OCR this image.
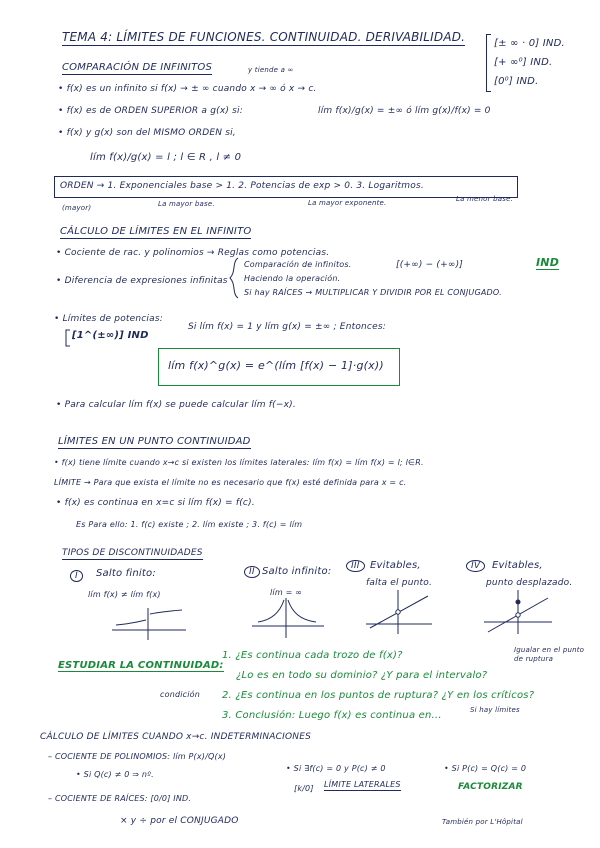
TEMA 4: LÍMITES DE FUNCIONES. CONTINUIDAD. DERIVABILIDAD.	[± ∞ · 0] IND.
[+ ∞⁰] IND.
[0⁰] IND.
COMPARACIÓN DE INFINITOS	y tiende a ∞
• f(x) es un infinito si f(x) → ± ∞ cuando x → ∞ ó x → c.
• f(x) es de ORDEN SUPERIOR a g(x) si:	lím f(x)/g(x) = ±∞ ó lím g(x)/f(x) = 0
• f(x) y g(x) son del MISMO ORDEN si,
lím f(x)/g(x) = l ; l ∈ R , l ≠ 0
ORDEN → 1. Exponenciales base > 1. 2. Potencias de exp > 0. 3. Logaritmos.
(mayor)	La mayor base.	La mayor exponente.	La menor base.
CÁLCULO DE LÍMITES EN EL INFINITO
• Cociente de rac. y polinomios → Reglas como potencias.
• Diferencia de expresiones infinitas
Comparación de infinitos.
Haciendo la operación.
Si hay RAÍCES → MULTIPLICAR Y DIVIDIR POR EL CONJUGADO.
[(+∞) − (+∞)]	IND
• Límites de potencias:
[1^(±∞)] IND
Si lím f(x) = 1 y lím g(x) = ±∞ ; Entonces:
lím f(x)^g(x) = e^(lím [f(x) − 1]·g(x))
• Para calcular lím f(x) se puede calcular lím f(−x).
LÍMITES EN UN PUNTO CONTINUIDAD
• f(x) tiene límite cuando x→c si existen los límites laterales: lím f(x) = lím f(x) = l; l∈R.
LÍMITE → Para que exista el límite no es necesario que f(x) esté definida para x = c.
• f(x) es continua en x=c si lím f(x) = f(c).
Es Para ello: 1. f(c) existe ; 2. lím existe ; 3. f(c) = lím
TIPOS DE DISCONTINUIDADES
I	Salto finito:
lím f(x) ≠ lím f(x)
II Salto infinito:
lím = ∞
III	Evitables,
falta el punto.
IV	Evitables,
punto desplazado.
ESTUDIAR LA CONTINUIDAD:
1. ¿Es continua cada trozo de f(x)?
¿Lo es en todo su dominio? ¿Y para el intervalo?
2. ¿Es continua en los puntos de ruptura? ¿Y en los críticos?
3. Conclusión: Luego f(x) es continua en...
Igualar en el punto de ruptura
condición
Si hay límites
CÁLCULO DE LÍMITES CUANDO x→c. INDETERMINACIONES
– COCIENTE DE POLINOMIOS: lím P(x)/Q(x)
• Si Q(c) ≠ 0 ⇒ nº.
• Si ∃f(c) = 0 y P(c) ≠ 0	• Si P(c) = Q(c) = 0
[k/0] LÍMITE LATERALES	FACTORIZAR
– COCIENTE DE RAÍCES: [0/0] IND.
× y ÷ por el CONJUGADO	También por L'Hôpital
